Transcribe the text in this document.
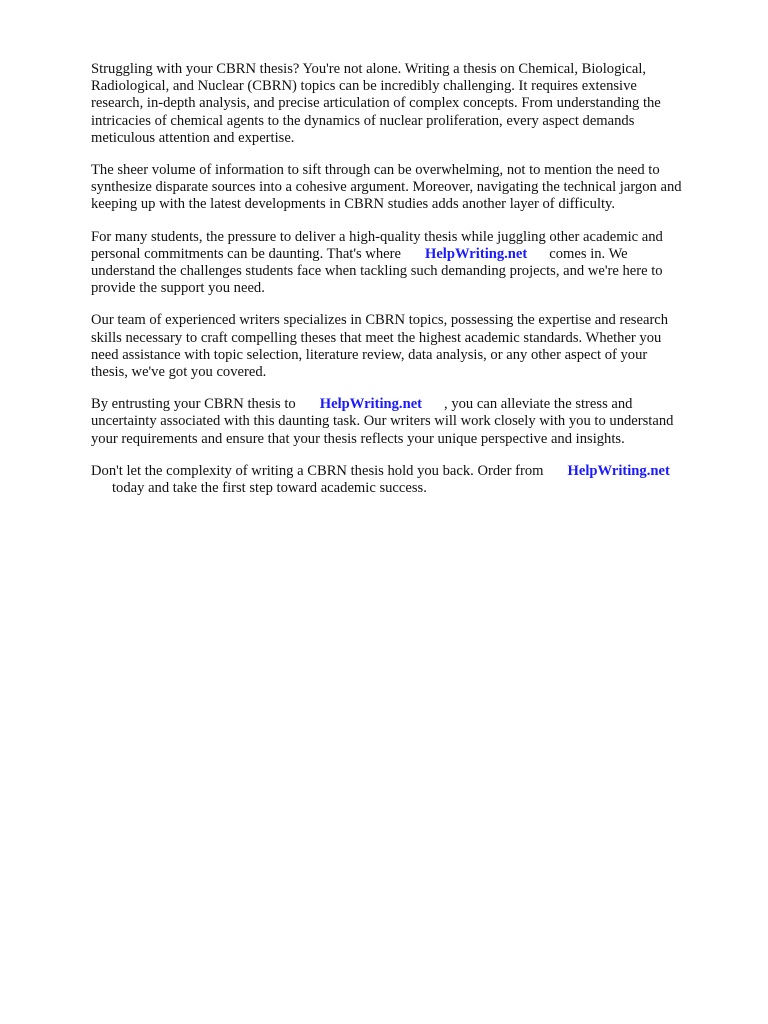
Struggling with your CBRN thesis? You're not alone. Writing a thesis on Chemical, Biological,
Radiological, and Nuclear (CBRN) topics can be incredibly challenging. It requires extensive
research, in-depth analysis, and precise articulation of complex concepts. From understanding the
intricacies of chemical agents to the dynamics of nuclear proliferation, every aspect demands
meticulous attention and expertise.

The sheer volume of information to sift through can be overwhelming, not to mention the need to
synthesize disparate sources into a cohesive argument. Moreover, navigating the technical jargon and
keeping up with the latest developments in CBRN studies adds another layer of difficulty.

For many students, the pressure to deliver a high-quality thesis while juggling other academic and
personal commitments can be daunting. That's where HelpWriting.net comes in. We
understand the challenges students face when tackling such demanding projects, and we're here to
provide the support you need.

Our team of experienced writers specializes in CBRN topics, possessing the expertise and research
skills necessary to craft compelling theses that meet the highest academic standards. Whether you
need assistance with topic selection, literature review, data analysis, or any other aspect of your
thesis, we've got you covered.

By entrusting your CBRN thesis to HelpWriting.net , you can alleviate the stress and
uncertainty associated with this daunting task. Our writers will work closely with you to understand
your requirements and ensure that your thesis reflects your unique perspective and insights.

Don't let the complexity of writing a CBRN thesis hold you back. Order from HelpWriting.net
today and take the first step toward academic success.
